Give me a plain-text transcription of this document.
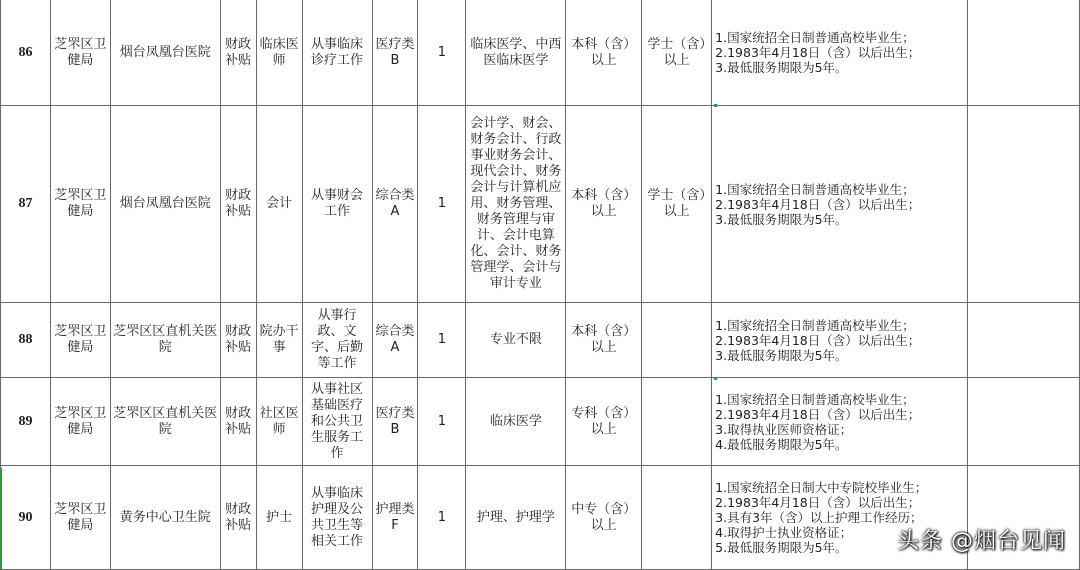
86	芝罘区卫健局	烟台凤凰台医院	财政补贴	临床医师	从事临床诊疗工作	医疗类B	1	临床医学、中西医临床医学	本科（含）以上	学士（含）以上	1.国家统招全日制普通高校毕业生；
2.1983年4月18日（含）以后出生；
3.最低服务期限为5年。	

87	芝罘区卫健局	烟台凤凰台医院	财政补贴	会计	从事财会工作	综合类A	1	会计学、财会、财务会计、行政事业财务会计、现代会计、财务会计与计算机应用、财务管理、财务管理与审计、会计电算化、会计、财务管理学、会计与审计专业	本科（含）以上	学士（含）以上	1.国家统招全日制普通高校毕业生；
2.1983年4月18日（含）以后出生；
3.最低服务期限为5年。	

88	芝罘区卫健局	芝罘区区直机关医院	财政补贴	院办干事	从事行政、文字、后勤等工作	综合类A	1	专业不限	本科（含）以上		1.国家统招全日制普通高校毕业生；
2.1983年4月18日（含）以后出生；
3.最低服务期限为5年。	

89	芝罘区卫健局	芝罘区区直机关医院	财政补贴	社区医师	从事社区基础医疗和公共卫生服务工作	医疗类B	1	临床医学	专科（含）以上		1.国家统招全日制普通高校毕业生；
2.1983年4月18日（含）以后出生；
3.取得执业医师资格证；
4.最低服务期限为5年。	

90	芝罘区卫健局	黄务中心卫生院	财政补贴	护士	从事临床护理及公共卫生等相关工作	护理类F	1	护理、护理学	中专（含）以上		1.国家统招全日制大中专院校毕业生；
2.1983年4月18日（含）以后出生；
3.具有3年（含）以上护理工作经历；
4.取得护士执业资格证；
5.最低服务期限为5年。	
		头条 @烟台见闻
